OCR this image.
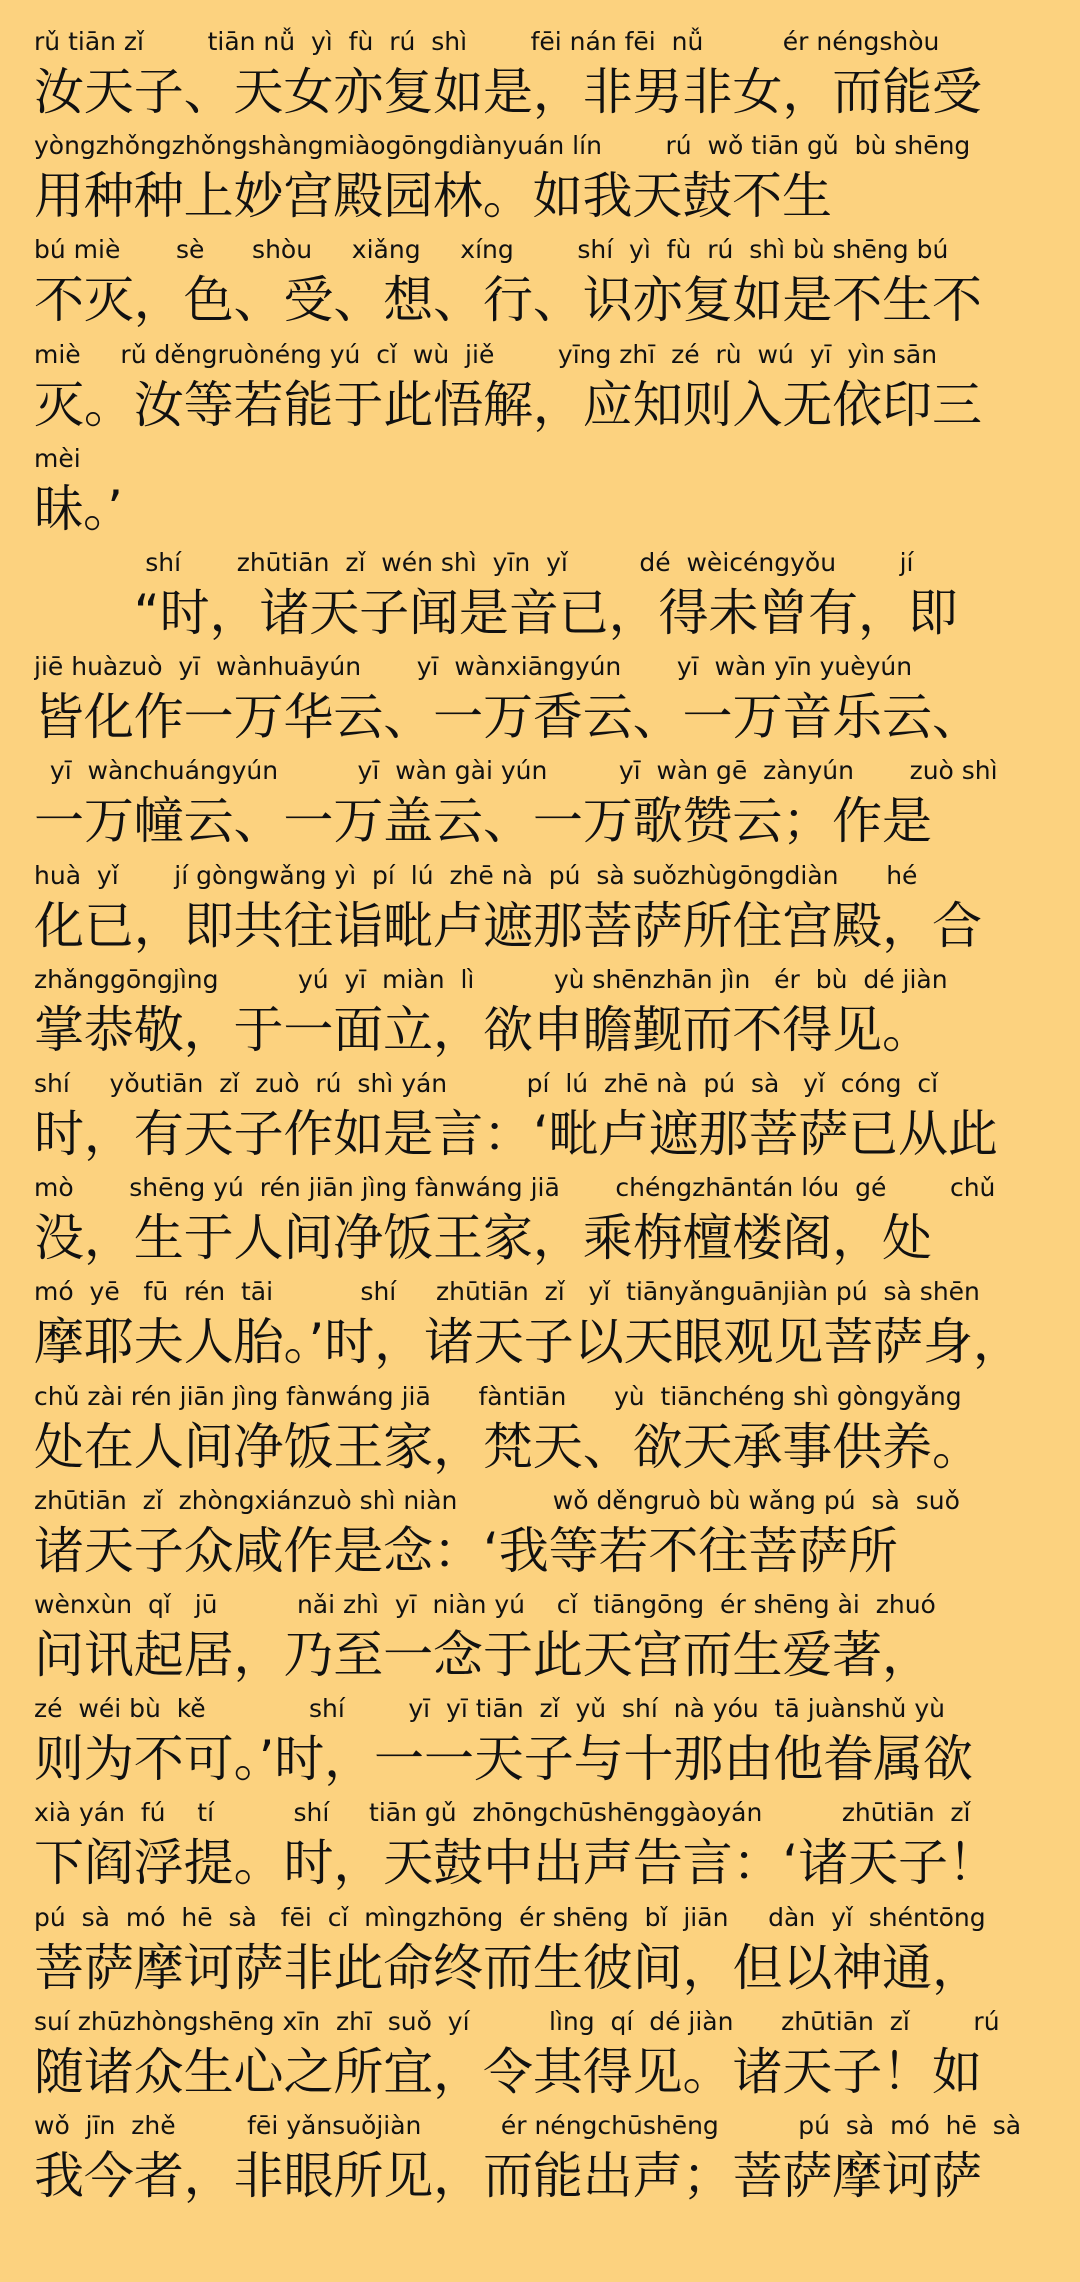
rǔ tiān zǐ        tiān nǚ  yì  fù  rú  shì        fēi nán fēi  nǚ          ér néngshòu
汝天子、天女亦复如是，非男非女，而能受
yòngzhǒngzhǒngshàngmiàogōngdiànyuán lín        rú  wǒ tiān gǔ  bù shēng
用种种上妙宫殿园林。如我天鼓不生
bú miè       sè      shòu     xiǎng     xíng        shí  yì  fù  rú  shì bù shēng bú
不灭，色、受、想、行、识亦复如是不生不
miè     rǔ děngruònéng yú  cǐ  wù  jiě        yīng zhī  zé  rù  wú  yī  yìn sān
灭。汝等若能于此悟解，应知则入无依印三
mèi
昧。’
shí       zhūtiān  zǐ  wén shì  yīn  yǐ         dé  wèicéngyǒu        jí
　　“时，诸天子闻是音已，得未曾有，即
jiē huàzuò  yī  wànhuāyún       yī  wànxiāngyún       yī  wàn yīn yuèyún
皆化作一万华云、一万香云、一万音乐云、
yī  wànchuángyún          yī  wàn gài yún         yī  wàn gē  zànyún       zuò shì
一万幢云、一万盖云、一万歌赞云；作是
huà  yǐ       jí gòngwǎng yì  pí  lú  zhē nà  pú  sà suǒzhùgōngdiàn      hé
化已，即共往诣毗卢遮那菩萨所住宫殿，合
zhǎnggōngjìng          yú  yī  miàn  lì          yù shēnzhān jìn   ér  bù  dé jiàn
掌恭敬，于一面立，欲申瞻觐而不得见。
shí     yǒutiān  zǐ  zuò  rú  shì yán          pí  lú  zhē nà  pú  sà   yǐ  cóng  cǐ
时，有天子作如是言：‘毗卢遮那菩萨已从此
mò       shēng yú  rén jiān jìng fànwáng jiā       chéngzhāntán lóu  gé        chǔ
没，生于人间净饭王家，乘栴檀楼阁，处
mó  yē   fū  rén  tāi           shí     zhūtiān  zǐ   yǐ  tiānyǎnguānjiàn pú  sà shēn
摩耶夫人胎。’时，诸天子以天眼观见菩萨身，
chǔ zài rén jiān jìng fànwáng jiā      fàntiān      yù  tiānchéng shì gòngyǎng
处在人间净饭王家，梵天、欲天承事供养。
zhūtiān  zǐ  zhòngxiánzuò shì niàn            wǒ děngruò bù wǎng pú  sà  suǒ
诸天子众咸作是念：‘我等若不往菩萨所
wènxùn  qǐ   jū          nǎi zhì  yī  niàn yú    cǐ  tiāngōng  ér shēng ài  zhuó
问讯起居，乃至一念于此天宫而生爱著，
zé  wéi bù  kě             shí        yī  yī tiān  zǐ  yǔ  shí  nà yóu  tā juànshǔ yù
则为不可。’时，一一天子与十那由他眷属欲
xià yán  fú    tí          shí     tiān gǔ  zhōngchūshēnggàoyán          zhūtiān  zǐ
下阎浮提。时，天鼓中出声告言：‘诸天子！
pú  sà  mó  hē  sà   fēi  cǐ  mìngzhōng  ér shēng  bǐ  jiān     dàn  yǐ  shéntōng
菩萨摩诃萨非此命终而生彼间，但以神通，
suí zhūzhòngshēng xīn  zhī  suǒ  yí          lìng  qí  dé jiàn      zhūtiān  zǐ        rú
随诸众生心之所宜，令其得见。诸天子！如
wǒ  jīn  zhě         fēi yǎnsuǒjiàn          ér néngchūshēng          pú  sà  mó  hē  sà
我今者，非眼所见，而能出声；菩萨摩诃萨
